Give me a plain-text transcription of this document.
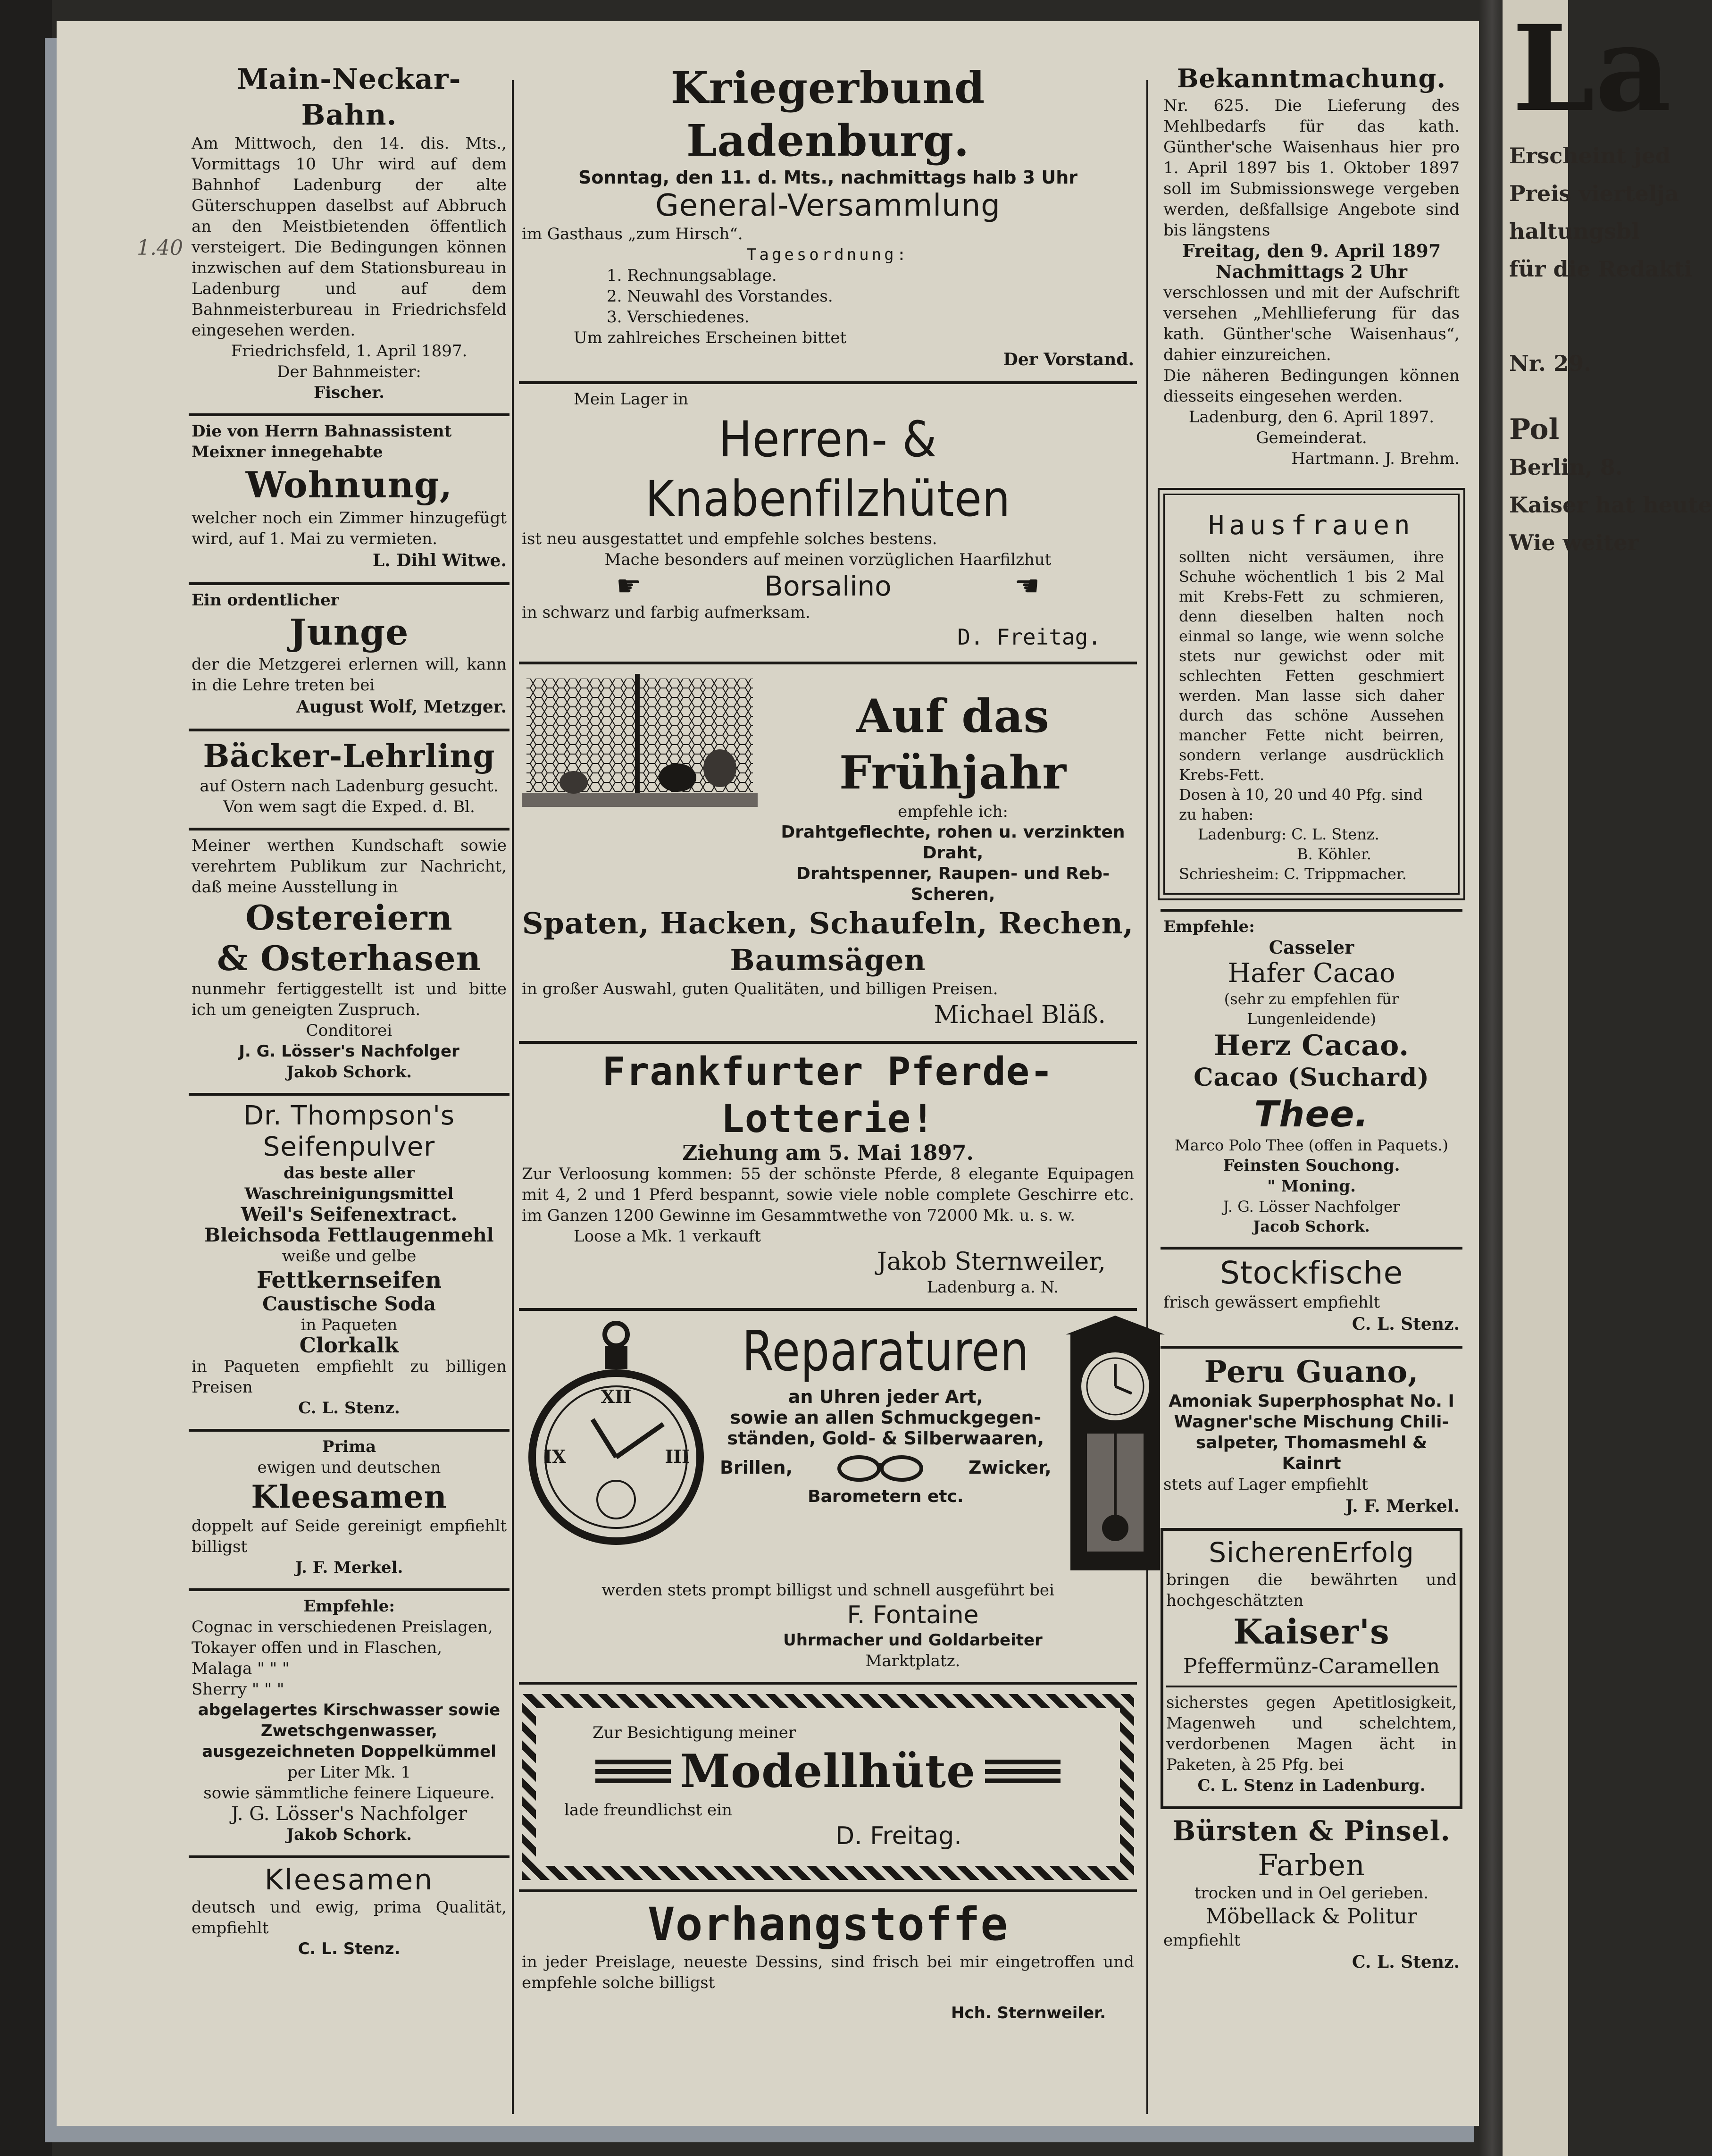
1.40
La
Erscheint jed
Preis viertelja
haltungsbl
für die Redakti
Nr. 29.
Pol
Berlin, 8.
Kaiser hat heute
Wie weiter
Main-Neckar-Bahn.

Am Mittwoch, den 14. dis. Mts., Vormittags 10 Uhr wird auf dem Bahnhof Ladenburg der alte Güterschuppen daselbst auf Abbruch an den Meistbietenden öffentlich versteigert. Die Bedingungen können inzwischen auf dem Stationsbureau in Ladenburg und auf dem Bahnmeisterbureau in Friedrichsfeld eingesehen werden.

Friedrichsfeld, 1. April 1897.

Der Bahnmeister:

Fischer.

Die von Herrn Bahnassistent Meixner innegehabte

Wohnung,

welcher noch ein Zimmer hinzugefügt wird, auf 1. Mai zu vermieten.

L. Dihl Witwe.

Ein ordentlicher

Junge

der die Metzgerei erlernen will, kann in die Lehre treten bei

August Wolf, Metzger.

Bäcker-Lehrling

auf Ostern nach Ladenburg gesucht.

Von wem sagt die Exped. d. Bl.

Meiner werthen Kundschaft sowie verehrtem Publikum zur Nachricht, daß meine Ausstellung in

Ostereiern
& Osterhasen

nunmehr fertiggestellt ist und bitte ich um geneigten Zuspruch.

Conditorei

J. G. Lösser's Nachfolger

Jakob Schork.

Dr. Thompson's
Seifenpulver

das beste aller Waschreinigungsmittel

Weil's Seifenextract.

Bleichsoda Fettlaugenmehl

weiße und gelbe

Fettkernseifen

Caustische Soda

in Paqueten

Clorkalk

in Paqueten empfiehlt zu billigen Preisen

C. L. Stenz.

Prima

ewigen und deutschen

Kleesamen

doppelt auf Seide gereinigt empfiehlt billigst

J. F. Merkel.

Empfehle:

Cognac in verschiedenen Preislagen,

Tokayer offen und in Flaschen,

Malaga " " "

Sherry " " "

abgelagertes Kirschwasser sowie

Zwetschgenwasser,

ausgezeichneten Doppelkümmel

per Liter Mk. 1

sowie sämmtliche feinere Liqueure.

J. G. Lösser's Nachfolger

Jakob Schork.

Kleesamen

deutsch und ewig, prima Qualität, empfiehlt

C. L. Stenz.

Kriegerbund Ladenburg.

Sonntag, den 11. d. Mts., nachmittags halb 3 Uhr

General-Versammlung

im Gasthaus „zum Hirsch“.

Tagesordnung:

1. Rechnungsablage.

2. Neuwahl des Vorstandes.

3. Verschiedenes.

Um zahlreiches Erscheinen bittet

Der Vorstand.

Mein Lager in

Herren- & Knabenfilzhüten

ist neu ausgestattet und empfehle solches bestens.

Mache besonders auf meinen vorzüglichen Haarfilzhut

☛	Borsalino	☚

in schwarz und farbig aufmerksam.

D. Freitag.

Auf das Frühjahr

empfehle ich:

Drahtgeflechte, rohen u. verzinkten Draht,

Drahtspenner, Raupen- und Reb-Scheren,

Spaten, Hacken, Schaufeln, Rechen,
Baumsägen

in großer Auswahl, guten Qualitäten, und billigen Preisen.

Michael Bläß.

Frankfurter Pferde-Lotterie!

Ziehung am 5. Mai 1897.

Zur Verloosung kommen: 55 der schönste Pferde, 8 elegante Equipagen mit 4, 2 und 1 Pferd bespannt, sowie viele noble complete Geschirre etc. im Ganzen 1200 Gewinne im Gesammtwethe von 72000 Mk. u. s. w.

Loose a Mk. 1 verkauft

Jakob Sternweiler,

Ladenburg a. N.

XII
III
IX
Reparaturen

an Uhren jeder Art,

sowie an allen Schmuckgegen-

ständen, Gold- & Silberwaaren,

Brillen,	Zwicker,

Barometern etc.

werden stets prompt billigst und schnell ausgeführt bei

F. Fontaine

Uhrmacher und Goldarbeiter

Marktplatz.

Zur Besichtigung meiner

Modellhüte

lade freundlichst ein

D. Freitag.

Vorhangstoffe

in jeder Preislage, neueste Dessins, sind frisch bei mir eingetroffen und empfehle solche billigst

Hch. Sternweiler.

Bekanntmachung.

Nr. 625. Die Lieferung des Mehlbedarfs für das kath. Günther'sche Waisenhaus hier pro 1. April 1897 bis 1. Oktober 1897 soll im Submissionswege vergeben werden, deßfallsige Angebote sind bis längstens

Freitag, den 9. April 1897 Nachmittags 2 Uhr

verschlossen und mit der Aufschrift versehen „Mehllieferung für das kath. Günther'sche Waisenhaus“, dahier einzureichen.

Die näheren Bedingungen können diesseits eingesehen werden.

Ladenburg, den 6. April 1897.

Gemeinderat.

Hartmann. J. Brehm.

Hausfrauen

sollten nicht versäumen, ihre Schuhe wöchentlich 1 bis 2 Mal mit Krebs-Fett zu schmieren, denn dieselben halten noch einmal so lange, wie wenn solche stets nur gewichst oder mit schlechten Fetten geschmiert werden. Man lasse sich daher durch das schöne Aussehen mancher Fette nicht beirren, sondern verlange ausdrücklich Krebs-Fett.

Dosen à 10, 20 und 40 Pfg. sind zu haben:

Ladenburg: C. L. Stenz.

B. Köhler.

Schriesheim: C. Trippmacher.

Empfehle:

Casseler

Hafer Cacao

(sehr zu empfehlen für Lungenleidende)

Herz Cacao.
Cacao (Suchard)
Thee.

Marco Polo Thee (offen in Paquets.)

Feinsten Souchong.

" Moning.

J. G. Lösser Nachfolger

Jacob Schork.

Stockfische

frisch gewässert empfiehlt

C. L. Stenz.

Peru Guano,

Amoniak Superphosphat No. I

Wagner'sche Mischung Chili-

salpeter, Thomasmehl & Kainrt

stets auf Lager empfiehlt

J. F. Merkel.

SicherenErfolg

bringen die bewährten und hochgeschätzten

Kaiser's

Pfeffermünz-Caramellen

sicherstes gegen Apetitlosigkeit, Magenweh und schelchtem, verdorbenen Magen ächt in Paketen, à 25 Pfg. bei

C. L. Stenz in Ladenburg.

Bürsten & Pinsel.
Farben

trocken und in Oel gerieben.

Möbellack & Politur

empfiehlt

C. L. Stenz.
